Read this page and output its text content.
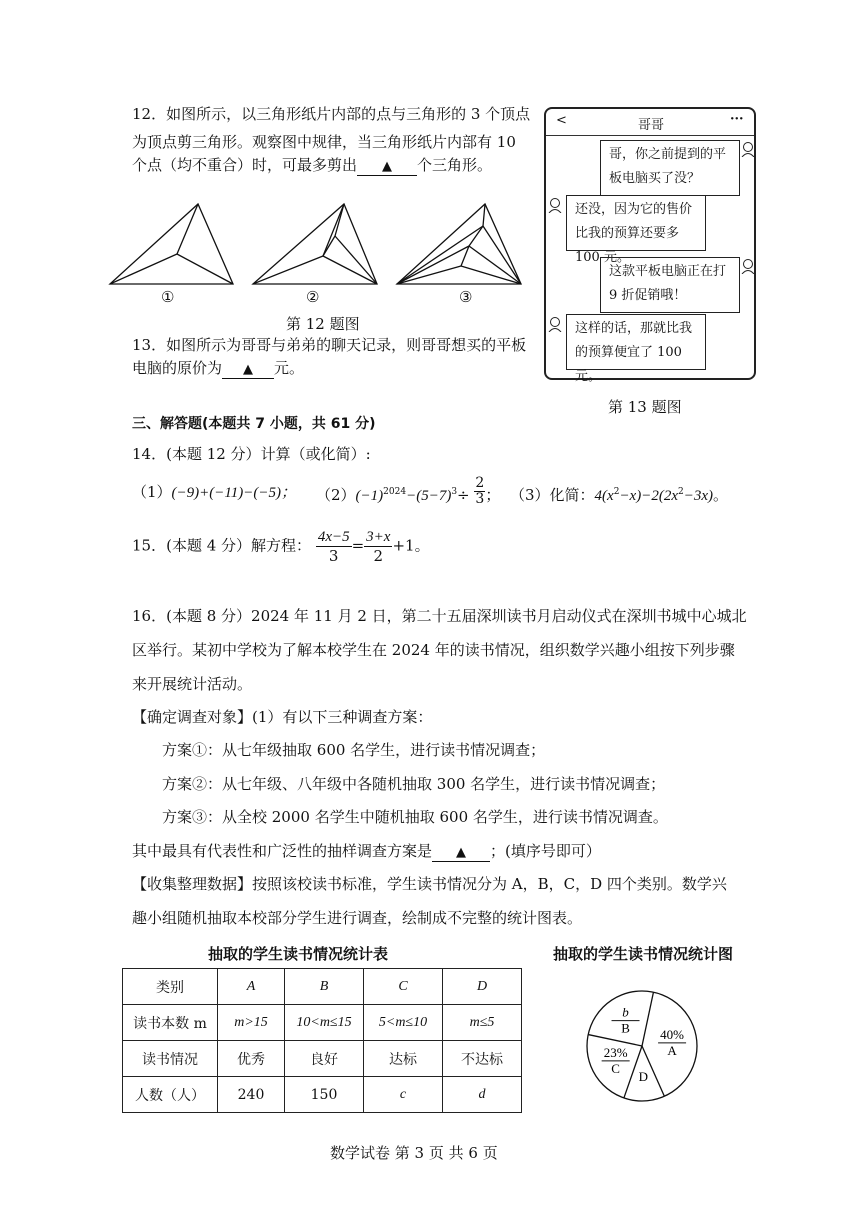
12．如图所示，以三角形纸片内部的点与三角形的 3 个顶点
为顶点剪三角形。观察图中规律，当三角形纸片内部有 10
个点（均不重合）时，可最多剪出 ▲ 个三角形。
①	②	③
第 12 题图
13．如图所示为哥哥与弟弟的聊天记录，则哥哥想买的平板
电脑的原价为 ▲ 元。
<	哥哥	···
哥，你之前提到的平板电脑买了没？
还没，因为它的售价比我的预算还要多 100 元。
这款平板电脑正在打 9 折促销哦！
这样的话，那就比我的预算便宜了 100 元。
第 13 题图
三、解答题(本题共 7 小题，共 61 分)
14．(本题 12 分）计算（或化简）:
（1）(−9)+(−11)−(−5)； $(2)(-1)^{2024}-(5-7)^3\div \frac{2}{3}$ ； （3）化简：$4(x^2-x)-2(2x^2-3x)$。
15．(本题 4 分）解方程： $\frac{4x-5}{3} = \frac{3+x}{2} +1$。
16．(本题 8 分）2024 年 11 月 2 日，第二十五届深圳读书月启动仪式在深圳书城中心城北
区举行。某初中学校为了解本校学生在 2024 年的读书情况，组织数学兴趣小组按下列步骤
来开展统计活动。
【确定调查对象】(1）有以下三种调查方案：
方案①：从七年级抽取 600 名学生，进行读书情况调查；
方案②：从七年级、八年级中各随机抽取 300 名学生，进行读书情况调查；
方案③：从全校 2000 名学生中随机抽取 600 名学生，进行读书情况调查。
其中最具有代表性和广泛性的抽样调查方案是 ▲ ；(填序号即可）
【收集整理数据】按照该校读书标准，学生读书情况分为 A，B，C，D 四个类别。数学兴
趣小组随机抽取本校部分学生进行调查，绘制成不完整的统计图表。
抽取的学生读书情况统计表
类别	A	B	C	D
读书本数 m	m>15	10<m≤15	5<m≤10	m≤5
读书情况	优秀	良好	达标	不达标
人数（人）	240	150	c	d
抽取的学生读书情况统计图
A
40%
D
C
23%
B
b
数学试卷 第 3 页 共 6 页
